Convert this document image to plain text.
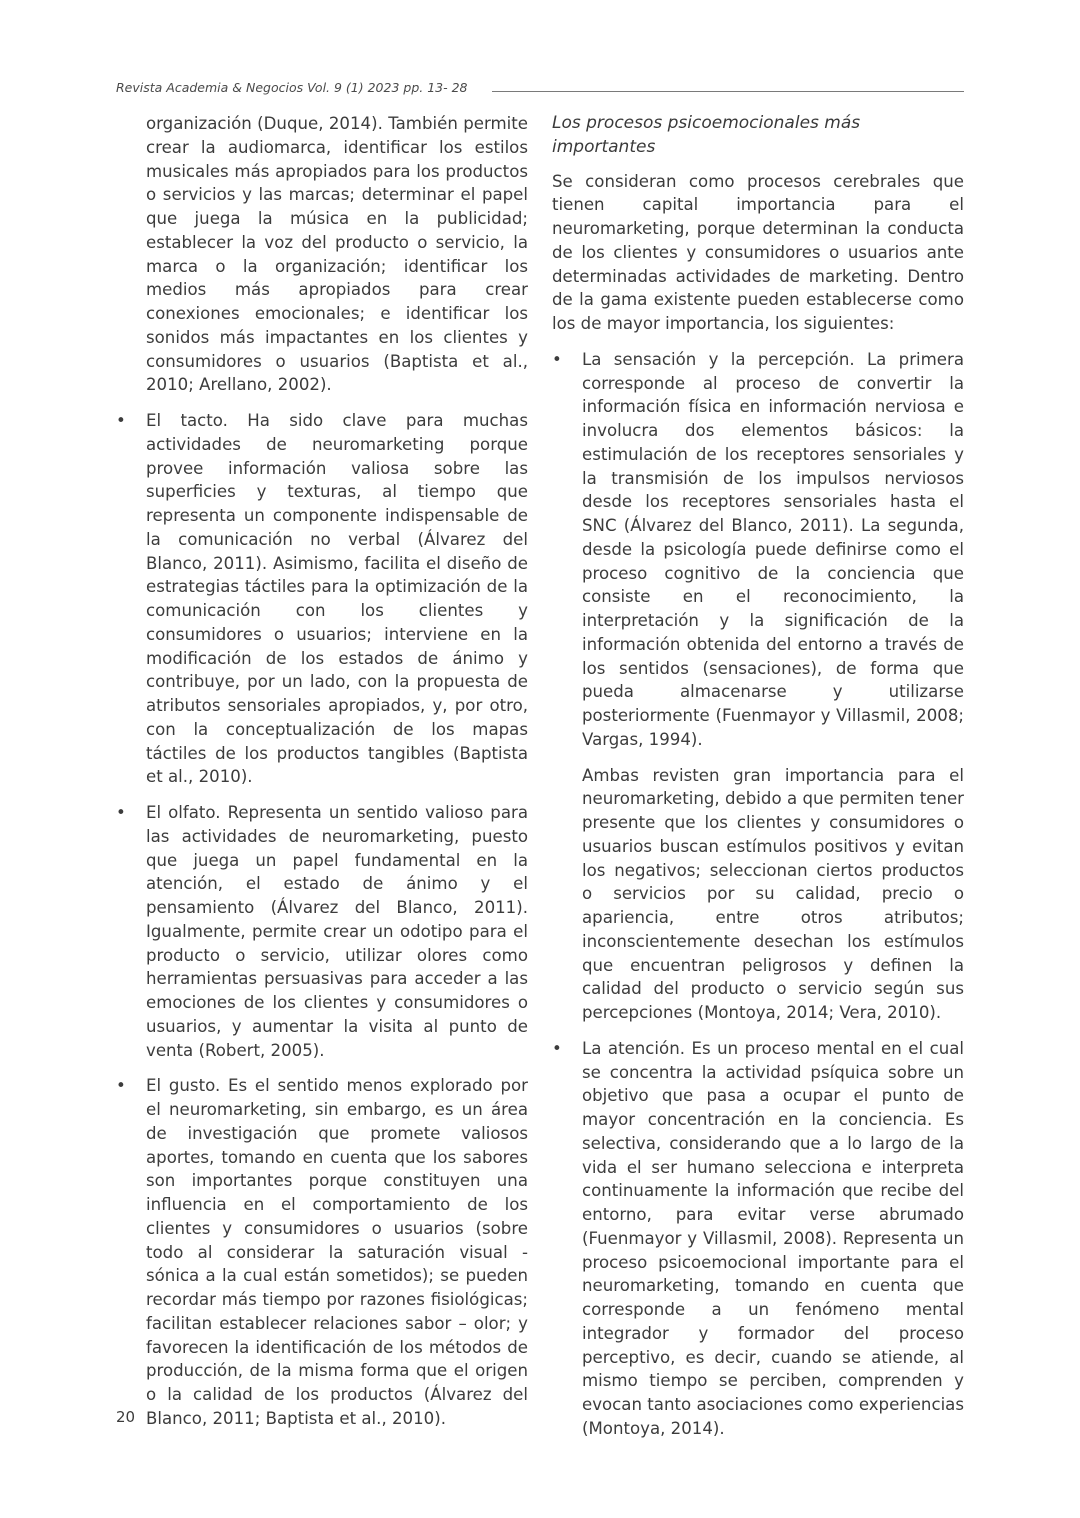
Revista Academia & Negocios Vol. 9 (1) 2023 pp. 13- 28

organización (Duque, 2014). También permite crear la audiomarca, identificar los estilos musicales más apropiados para los productos o servicios y las marcas; determinar el papel que juega la música en la publicidad; establecer la voz del producto o servicio, la marca o la organización; identificar los medios más apropiados para crear conexiones emocionales; e identificar los sonidos más impactantes en los clientes y consumidores o usuarios (Baptista et al., 2010; Arellano, 2002).

•	El tacto. Ha sido clave para muchas actividades de neuromarketing porque provee información valiosa sobre las superficies y texturas, al tiempo que representa un componente indispensable de la comunicación no verbal (Álvarez del Blanco, 2011). Asimismo, facilita el diseño de estrategias táctiles para la optimización de la comunicación con los clientes y consumidores o usuarios; interviene en la modificación de los estados de ánimo y contribuye, por un lado, con la propuesta de atributos sensoriales apropiados, y, por otro, con la conceptualización de los mapas táctiles de los productos tangibles (Baptista et al., 2010).

•	El olfato. Representa un sentido valioso para las actividades de neuromarketing, puesto que juega un papel fundamental en la atención, el estado de ánimo y el pensamiento (Álvarez del Blanco, 2011). Igualmente, permite crear un odotipo para el producto o servicio, utilizar olores como herramientas persuasivas para acceder a las emociones de los clientes y consumidores o usuarios, y aumentar la visita al punto de venta (Robert, 2005).

•	El gusto. Es el sentido menos explorado por el neuromarketing, sin embargo, es un área de investigación que promete valiosos aportes, tomando en cuenta que los sabores son importantes porque constituyen una influencia en el comportamiento de los clientes y consumidores o usuarios (sobre todo al considerar la saturación visual - sónica a la cual están sometidos); se pueden recordar más tiempo por razones fisiológicas; facilitan establecer relaciones sabor – olor; y favorecen la identificación de los métodos de producción, de la misma forma que el origen o la calidad de los productos (Álvarez del Blanco, 2011; Baptista et al., 2010).

Los procesos psicoemocionales más importantes

Se consideran como procesos cerebrales que tienen capital importancia para el neuromarketing, porque determinan la conducta de los clientes y consumidores o usuarios ante determinadas actividades de marketing. Dentro de la gama existente pueden establecerse como los de mayor importancia, los siguientes:

•	La sensación y la percepción. La primera corresponde al proceso de convertir la información física en información nerviosa e involucra dos elementos básicos: la estimulación de los receptores sensoriales y la transmisión de los impulsos nerviosos desde los receptores sensoriales hasta el SNC (Álvarez del Blanco, 2011). La segunda, desde la psicología puede definirse como el proceso cognitivo de la conciencia que consiste en el reconocimiento, la interpretación y la significación de la información obtenida del entorno a través de los sentidos (sensaciones), de forma que pueda almacenarse y utilizarse posteriormente (Fuenmayor y Villasmil, 2008; Vargas, 1994).

Ambas revisten gran importancia para el neuromarketing, debido a que permiten tener presente que los clientes y consumidores o usuarios buscan estímulos positivos y evitan los negativos; seleccionan ciertos productos o servicios por su calidad, precio o apariencia, entre otros atributos; inconscientemente desechan los estímulos que encuentran peligrosos y definen la calidad del producto o servicio según sus percepciones (Montoya, 2014; Vera, 2010).

•	La atención. Es un proceso mental en el cual se concentra la actividad psíquica sobre un objetivo que pasa a ocupar el punto de mayor concentración en la conciencia. Es selectiva, considerando que a lo largo de la vida el ser humano selecciona e interpreta continuamente la información que recibe del entorno, para evitar verse abrumado (Fuenmayor y Villasmil, 2008). Representa un proceso psicoemocional importante para el neuromarketing, tomando en cuenta que corresponde a un fenómeno mental integrador y formador del proceso perceptivo, es decir, cuando se atiende, al mismo tiempo se perciben, comprenden y evocan tanto asociaciones como experiencias (Montoya, 2014).

20
